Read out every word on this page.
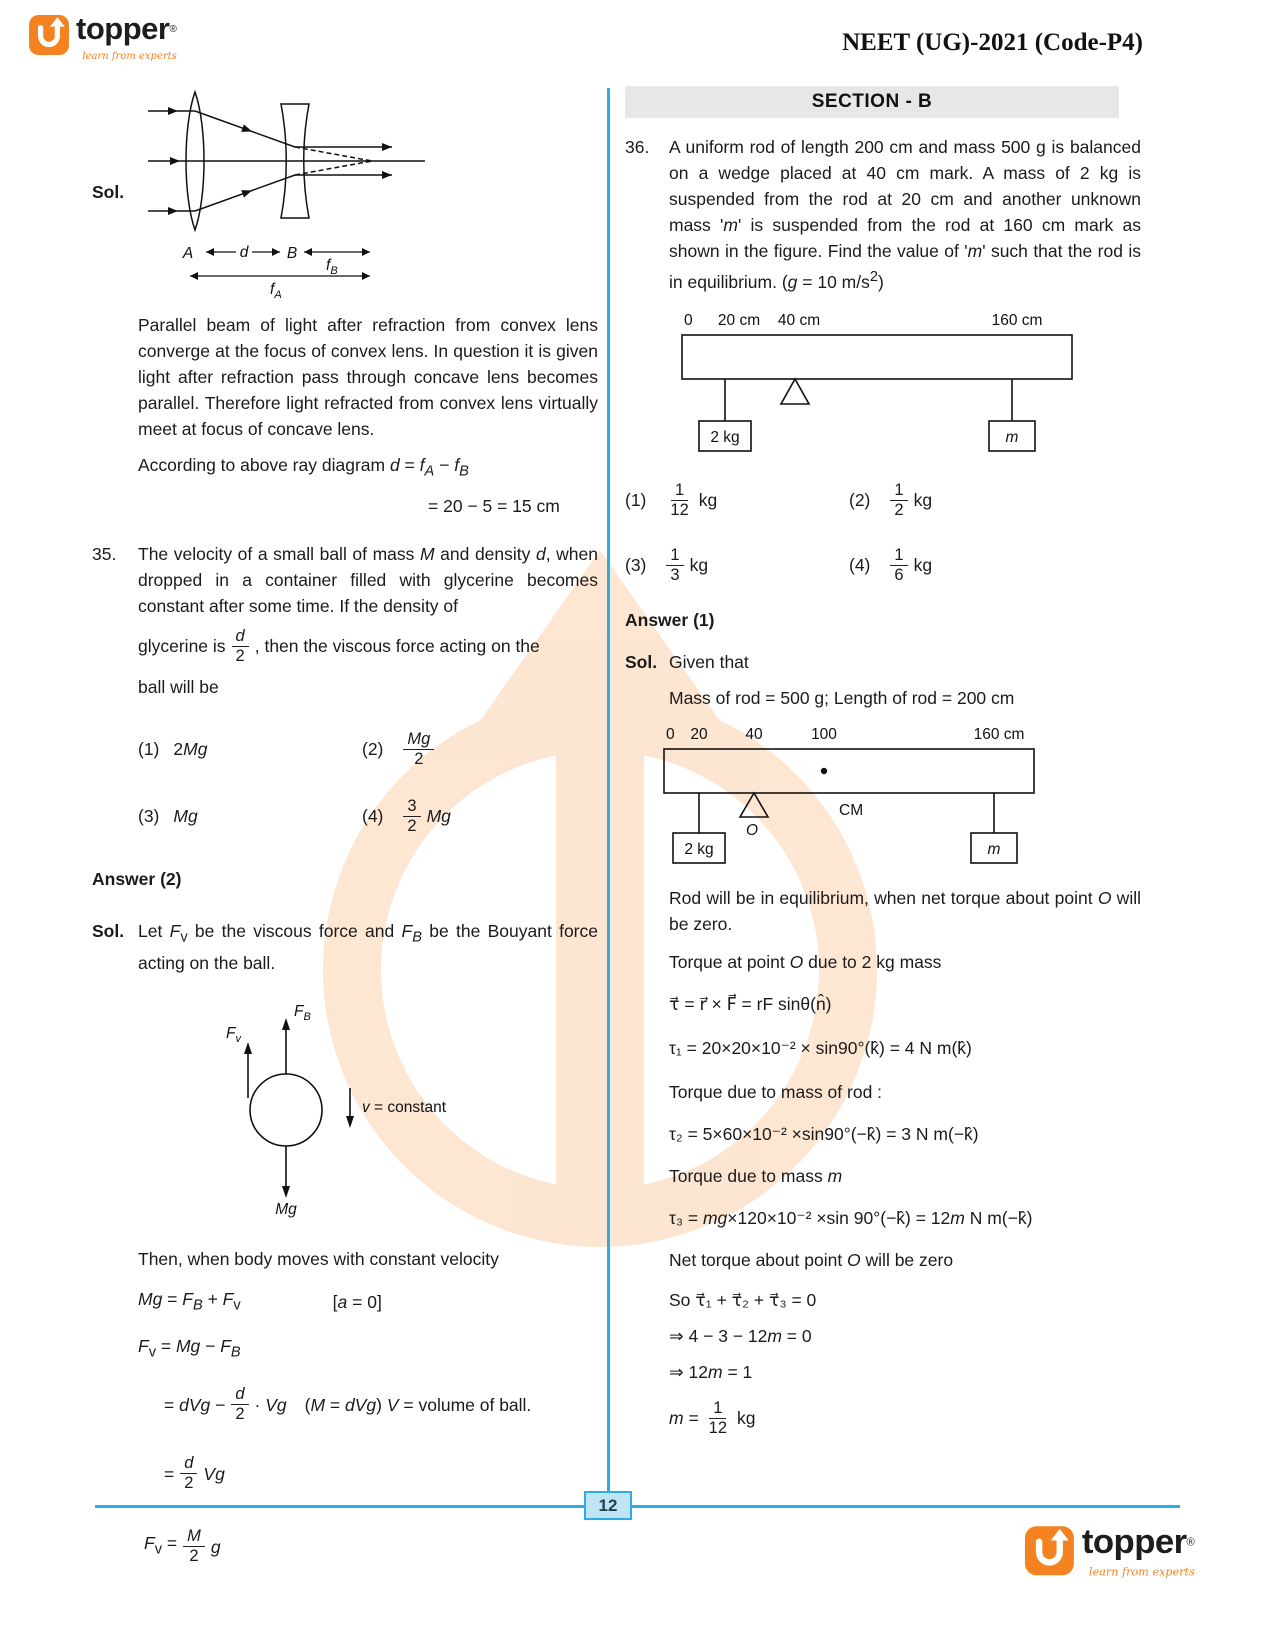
topper®
learn from experts
NEET (UG)-2021 (Code-P4)
12
topper®
learn from experts
Sol.
A	d B
$f_B$
$f_A$

Parallel beam of light after refraction from convex lens converge at the focus of convex lens. In question it is given light after refraction pass through concave lens becomes parallel. Therefore light refracted from convex lens virtually meet at focus of concave lens.

According to above ray diagram $d = f_A - f_B$

= 20 − 5 = 15 cm

35.	The velocity of a small ball of mass M and density d, when dropped in a container filled with glycerine becomes constant after some time. If the density of
glycerine is $\frac{d}{2}$ , then the viscous force acting on the
ball will be
(1) 2Mg	$(2) \frac{Mg}{2}$
(3) Mg	$(4) \frac{3}{2}$ Mg
Answer (2)
Sol. Let $F_v$ be the viscous force and $F_B$ be the Bouyant force acting on the ball.
$F_v$
$F_B$
Mg
v = constant
Then, when body moves with constant velocity
$Mg = F_B + F_v$	[a = 0]
$F_v = Mg - F_B$
= dVg − $\frac{d}{2} \cdot Vg$ (M = dVg) V = volume of ball.
= $\frac{d}{2}$ Vg
$F_v = \frac{M}{2}$ g
SECTION - B
36.	A uniform rod of length 200 cm and mass 500 g is balanced on a wedge placed at 40 cm mark. A mass of 2 kg is suspended from the rod at 20 cm and another unknown mass 'm' is suspended from the rod at 160 cm mark as shown in the figure. Find the value of 'm' such that the rod is in equilibrium. (g = 10 $m/s^2$)
0 20 cm 40 cm	160 cm
2 kg	m
$(1) \frac{1}{12}$ kg	$(2) \frac{1}{2}$ kg
$(3) \frac{1}{3}$ kg	$(4) \frac{1}{6}$ kg
Answer (1)
Sol. Given that
Mass of rod = 500 g; Length of rod = 200 cm
0 20 40	100	160 cm
CM
O
2 kg	m
Rod will be in equilibrium, when net torque about point O will be zero.
Torque at point O due to 2 kg mass
τ⃗ = r⃗ × F⃗ = rF sinθ(n̂)
τ₁ = 20×20×10⁻² × sin90°(k̂) = 4 N m(k̂)
Torque due to mass of rod :
τ₂ = 5×60×10⁻² ×sin90°(−k̂) = 3 N m(−k̂)
Torque due to mass m
τ₃ = mg×120×10⁻² ×sin 90°(−k̂) = 12m N m(−k̂)
Net torque about point O will be zero
So τ⃗₁ + τ⃗₂ + τ⃗₃ = 0
⇒ 4 − 3 − 12m = 0
⇒ 12m = 1
$m = \frac{1}{12}$ kg
